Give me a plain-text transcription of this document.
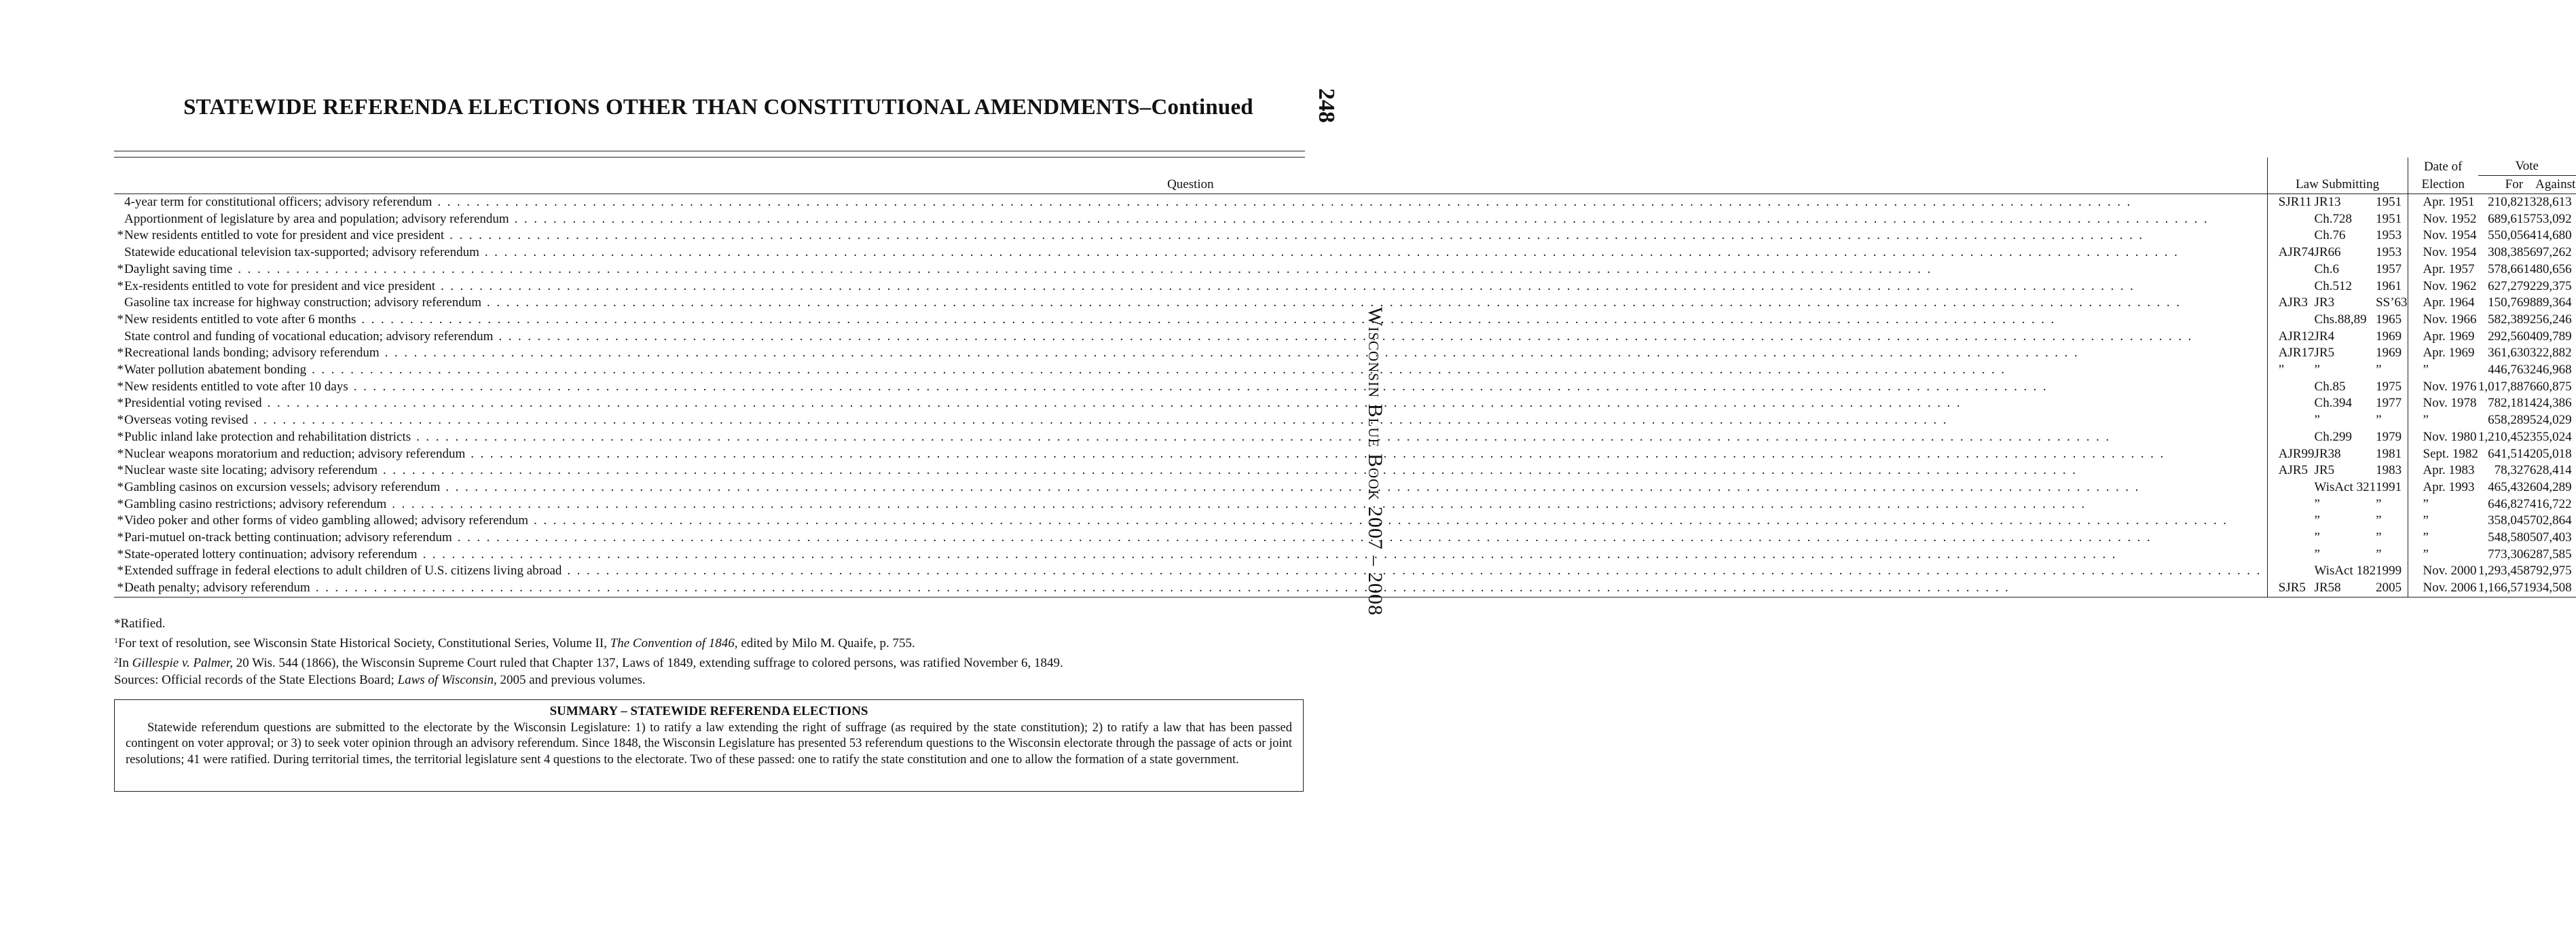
STATEWIDE REFERENDA ELECTIONS OTHER THAN CONSTITUTIONAL AMENDMENTS–Continued	248
Wisconsin Blue Book 2007 – 2008
				Date of	Vote	
Question	Law Submitting			Election	For	Against

4-year term for constitutional officers; advisory referendum
. . .	SJR11	JR13	1951	Apr. 1951	210,821	328,613

Apportionment of legislature by area and population; advisory referendum
. . .		Ch.728	1951	Nov. 1952	689,615	753,092

* New residents entitled to vote for president and vice president
. . .		Ch.76	1953	Nov. 1954	550,056	414,680

Statewide educational television tax-supported; advisory referendum
. . .	AJR74	JR66	1953	Nov. 1954	308,385	697,262

* Daylight saving time
. . .		Ch.6	1957	Apr. 1957	578,661	480,656

* Ex-residents entitled to vote for president and vice president
. . .		Ch.512	1961	Nov. 1962	627,279	229,375

Gasoline tax increase for highway construction; advisory referendum
. . .	AJR3	JR3	SS’63	Apr. 1964	150,769	889,364

* New residents entitled to vote after 6 months
. . .		Chs.88,89	1965	Nov. 1966	582,389	256,246

State control and funding of vocational education; advisory referendum
. . .	AJR12	JR4	1969	Apr. 1969	292,560	409,789

* Recreational lands bonding; advisory referendum
. . .	AJR17	JR5	1969	Apr. 1969	361,630	322,882

* Water pollution abatement bonding
. . .	”	”	”	”	446,763	246,968

* New residents entitled to vote after 10 days
. . .		Ch.85	1975	Nov. 1976	1,017,887	660,875

* Presidential voting revised
. . .		Ch.394	1977	Nov. 1978	782,181	424,386

* Overseas voting revised
. . .		”	”	”	658,289	524,029

* Public inland lake protection and rehabilitation districts
. . .		Ch.299	1979	Nov. 1980	1,210,452	355,024

* Nuclear weapons moratorium and reduction; advisory referendum
. . .	AJR99	JR38	1981	Sept. 1982	641,514	205,018

* Nuclear waste site locating; advisory referendum
. . .	AJR5	JR5	1983	Apr. 1983	78,327	628,414

* Gambling casinos on excursion vessels; advisory referendum
. . .		WisAct 321	1991	Apr. 1993	465,432	604,289

* Gambling casino restrictions; advisory referendum
. . .		”	”	”	646,827	416,722

* Video poker and other forms of video gambling allowed; advisory referendum
. . .		”	”	”	358,045	702,864

* Pari-mutuel on-track betting continuation; advisory referendum
. . .		”	”	”	548,580	507,403

* State-operated lottery continuation; advisory referendum
. . .		”	”	”	773,306	287,585

* Extended suffrage in federal elections to adult children of U.S. citizens living abroad
. . .		WisAct 182	1999	Nov. 2000	1,293,458	792,975

* Death penalty; advisory referendum
. . .	SJR5	JR58	2005	Nov. 2006	1,166,571	934,508

*Ratified.

$^1$For text of resolution, see Wisconsin State Historical Society, Constitutional Series, Volume II, The Convention of 1846, edited by Milo M. Quaife, p. 755.

$^2$In Gillespie v. Palmer, 20 Wis. 544 (1866), the Wisconsin Supreme Court ruled that Chapter 137, Laws of 1849, extending suffrage to colored persons, was ratified November 6, 1849.

Sources: Official records of the State Elections Board; Laws of Wisconsin, 2005 and previous volumes.

SUMMARY – STATEWIDE REFERENDA ELECTIONS

Statewide referendum questions are submitted to the electorate by the Wisconsin Legislature: 1) to ratify a law extending the right of suffrage (as required by the state constitution); 2) to ratify a law that has been passed contingent on voter approval; or 3) to seek voter opinion through an advisory referendum. Since 1848, the Wisconsin Legislature has presented 53 referendum questions to the Wisconsin electorate through the passage of acts or joint resolutions; 41 were ratified. During territorial times, the territorial legislature sent 4 questions to the electorate. Two of these passed: one to ratify the state constitution and one to allow the formation of a state government.
